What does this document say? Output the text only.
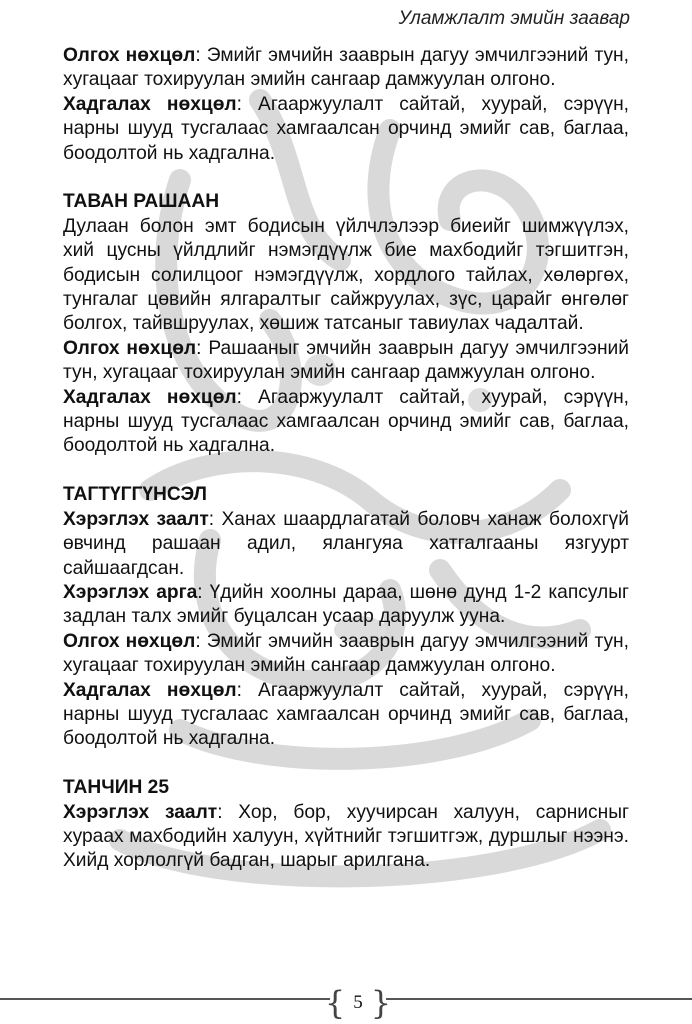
Уламжлалт эмийн заавар

Олгох нөхцөл: Эмийг эмчийн зааврын дагуу эмчилгээний тун, хугацааг тохируулан эмийн сангаар дамжуулан олгоно.

Хадгалах нөхцөл: Агааржуулалт сайтай, хуурай, сэрүүн, нарны шууд тусгалаас хамгаалсан орчинд эмийг сав, баглаа, боодолтой нь хадгална.

ТАВАН РАШААН

Дулаан болон эмт бодисын үйлчлэлээр биеийг шимжүүлэх, хий цусны үйлдлийг нэмэгдүүлж бие махбодийг тэгшитгэн, бодисын солилцоог нэмэгдүүлж, хордлого тайлах, хөлөргөх, тунгалаг цөвийн ялгаралтыг сайжруулах, зүс, царайг өнгөлөг болгох, тайвшруулах, хөшиж татсаныг тавиулах чадалтай.

Олгох нөхцөл: Рашааныг эмчийн зааврын дагуу эмчилгээний тун, хугацааг тохируулан эмийн сангаар дамжуулан олгоно.

Хадгалах нөхцөл: Агааржуулалт сайтай, хуурай, сэрүүн, нарны шууд тусгалаас хамгаалсан орчинд эмийг сав, баглаа, боодолтой нь хадгална.

ТАГТҮГГҮНСЭЛ

Хэрэглэх заалт: Ханах шаардлагатай боловч ханаж болохгүй өвчинд рашаан адил, ялангуяа хатгалгааны язгуурт сайшаагдсан.

Хэрэглэх арга: Үдийн хоолны дараа, шөнө дунд 1-2 капсулыг задлан талх эмийг буцалсан усаар даруулж ууна.

Олгох нөхцөл: Эмийг эмчийн зааврын дагуу эмчилгээний тун, хугацааг тохируулан эмийн сангаар дамжуулан олгоно.

Хадгалах нөхцөл: Агааржуулалт сайтай, хуурай, сэрүүн, нарны шууд тусгалаас хамгаалсан орчинд эмийг сав, баглаа, боодолтой нь хадгална.

ТАНЧИН 25

Хэрэглэх заалт: Хор, бор, хуучирсан халуун, сарнисныг хураах махбодийн халуун, хүйтнийг тэгшитгэж, дуршлыг нээнэ. Хийд хорлолгүй бадган, шарыг арилгана.

{ 5 }
